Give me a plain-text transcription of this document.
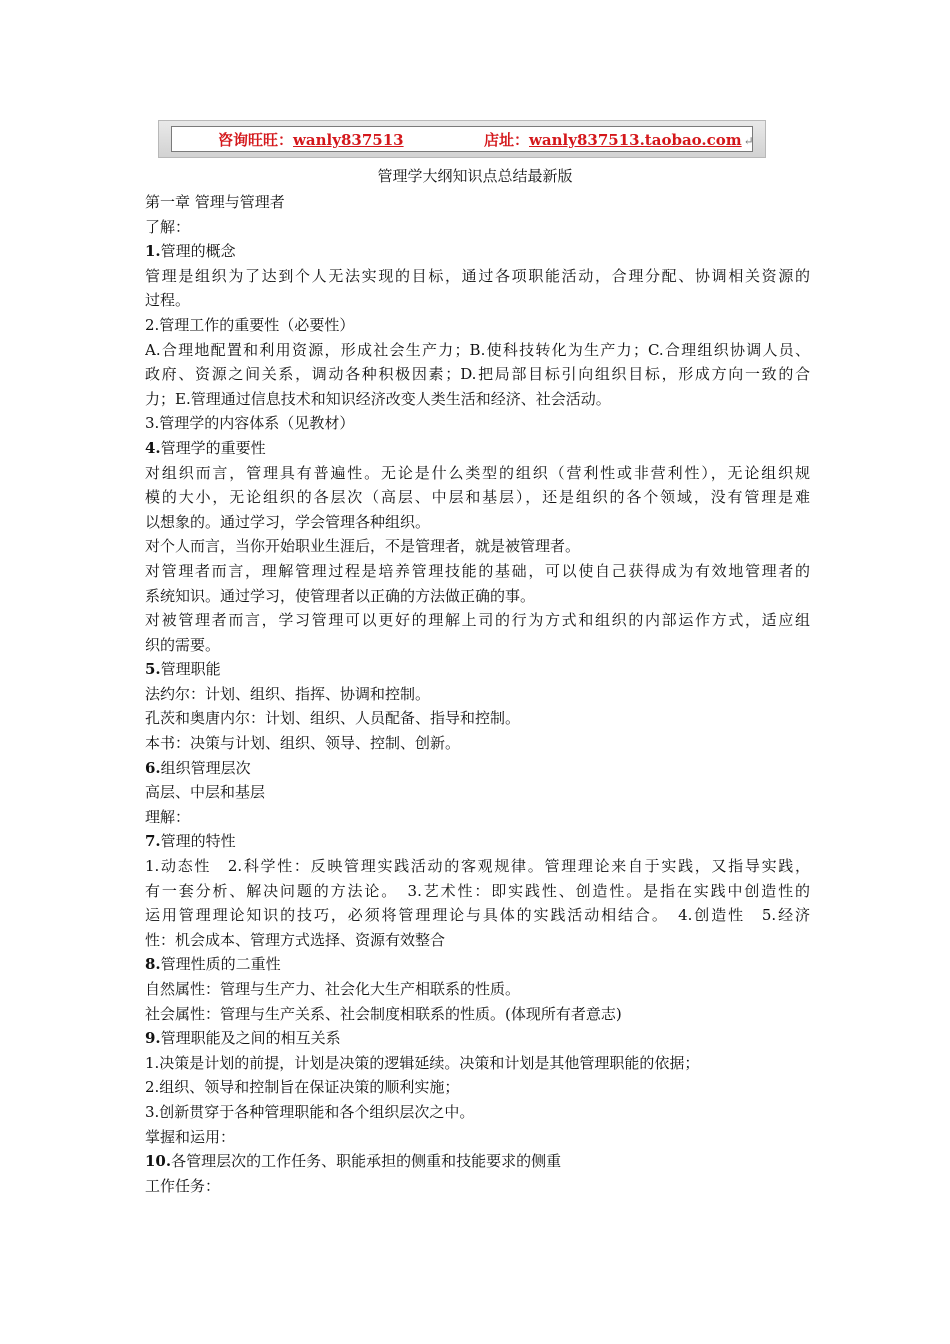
咨询旺旺：wanly837513	店址：wanly837513.taobao.com ↵
管理学大纲知识点总结最新版
第一章 管理与管理者
了解：
1.管理的概念
管理是组织为了达到个人无法实现的目标，通过各项职能活动，合理分配、协调相关资源的
过程。
2.管理工作的重要性（必要性）
A.合理地配置和利用资源，形成社会生产力；B.使科技转化为生产力；C.合理组织协调人员、
政府、资源之间关系，调动各种积极因素；D.把局部目标引向组织目标，形成方向一致的合
力；E.管理通过信息技术和知识经济改变人类生活和经济、社会活动。
3.管理学的内容体系（见教材）
4.管理学的重要性
对组织而言，管理具有普遍性。无论是什么类型的组织（营利性或非营利性），无论组织规
模的大小，无论组织的各层次（高层、中层和基层），还是组织的各个领域，没有管理是难
以想象的。通过学习，学会管理各种组织。
对个人而言，当你开始职业生涯后，不是管理者，就是被管理者。
对管理者而言，理解管理过程是培养管理技能的基础，可以使自己获得成为有效地管理者的
系统知识。通过学习，使管理者以正确的方法做正确的事。
对被管理者而言，学习管理可以更好的理解上司的行为方式和组织的内部运作方式，适应组
织的需要。
5.管理职能
法约尔：计划、组织、指挥、协调和控制。
孔茨和奥唐内尔：计划、组织、人员配备、指导和控制。
本书：决策与计划、组织、领导、控制、创新。
6.组织管理层次
高层、中层和基层
理解：
7.管理的特性
1.动态性　2.科学性：反映管理实践活动的客观规律。管理理论来自于实践，又指导实践，
有一套分析、解决问题的方法论。　3.艺术性：即实践性、创造性。是指在实践中创造性的
运用管理理论知识的技巧，必须将管理理论与具体的实践活动相结合。　4.创造性　5.经济
性：机会成本、管理方式选择、资源有效整合
8.管理性质的二重性
自然属性：管理与生产力、社会化大生产相联系的性质。
社会属性：管理与生产关系、社会制度相联系的性质。(体现所有者意志)
9.管理职能及之间的相互关系
1.决策是计划的前提，计划是决策的逻辑延续。决策和计划是其他管理职能的依据；
2.组织、领导和控制旨在保证决策的顺利实施；
3.创新贯穿于各种管理职能和各个组织层次之中。
掌握和运用：
10.各管理层次的工作任务、职能承担的侧重和技能要求的侧重
工作任务：
